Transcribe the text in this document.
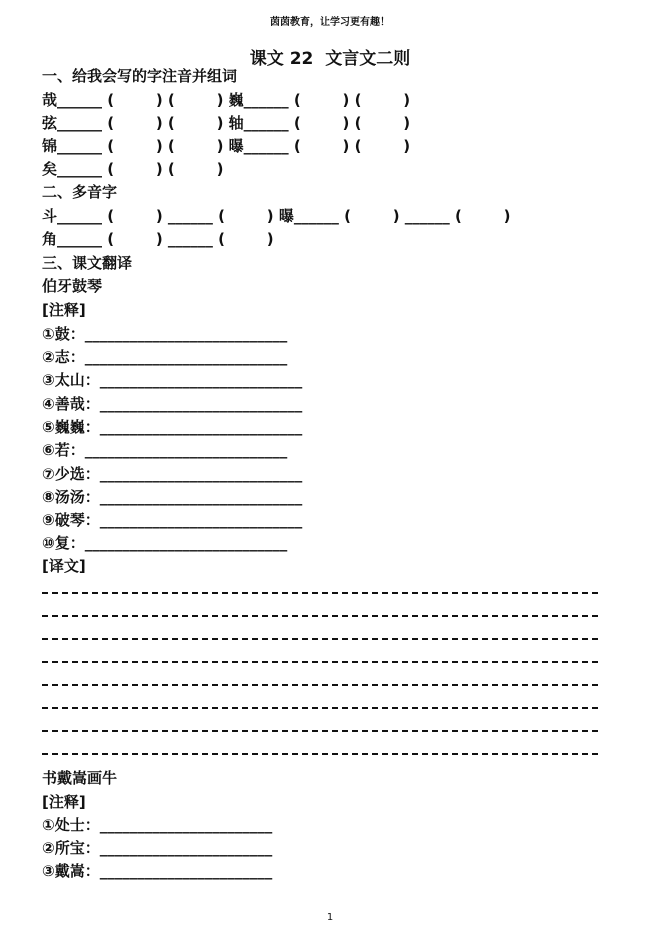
茵茵教育，让学习更有趣！
课文 22  文言文二则
一、给我会写的字注音并组词
哉______ (        ) (        ) 巍______ (        ) (        )
弦______ (        ) (        ) 轴______ (        ) (        )
锦______ (        ) (        ) 曝______ (        ) (        )
矣______ (        ) (        )
二、多音字
斗______ (        ) ______ (        ) 曝______ (        ) ______ (        )
角______ (        ) ______ (        )
三、课文翻译
伯牙鼓琴
[注释]
①鼓：___________________________
②志：___________________________
③太山：___________________________
④善哉：___________________________
⑤巍巍：___________________________
⑥若：___________________________
⑦少选：___________________________
⑧汤汤：___________________________
⑨破琴：___________________________
⑩复：___________________________
[译文]
书戴嵩画牛
[注释]
①处士：_______________________
②所宝：_______________________
③戴嵩：_______________________
1
